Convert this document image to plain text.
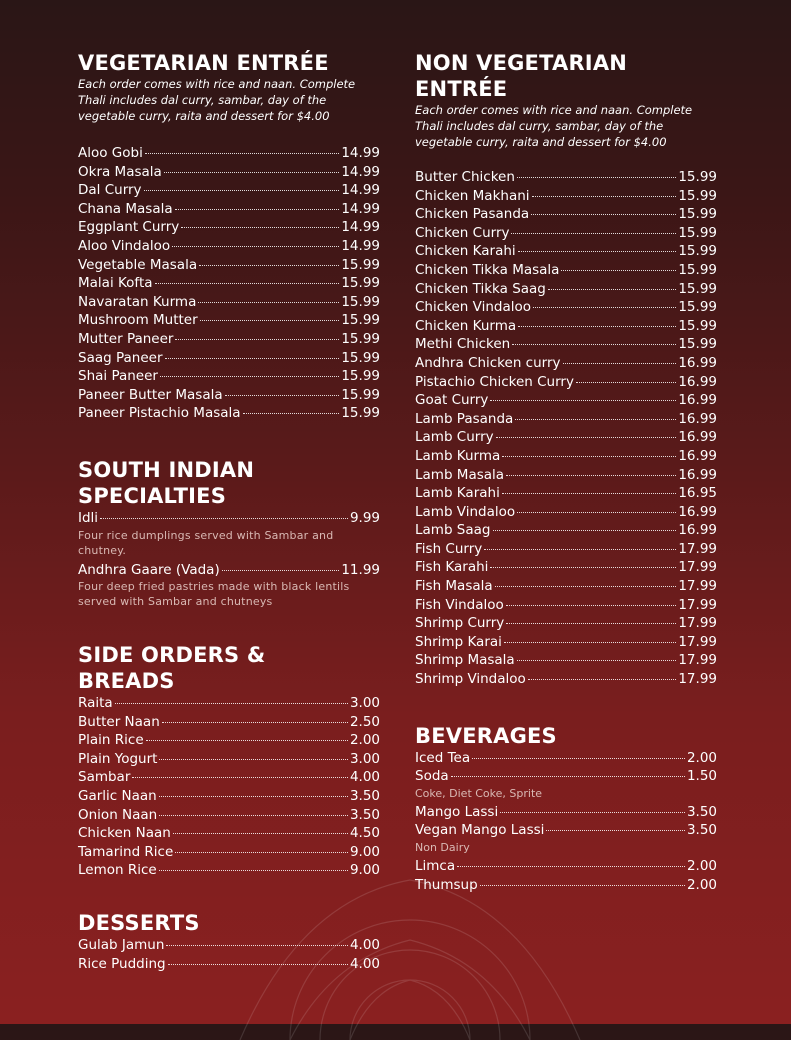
VEGETARIAN ENTRÉE

Each order comes with rice and naan. Complete Thali includes dal curry, sambar, day of the vegetable curry, raita and dessert for $4.00

Aloo Gobi	14.99
Okra Masala	14.99
Dal Curry	14.99
Chana Masala	14.99
Eggplant Curry	14.99
Aloo Vindaloo	14.99
Vegetable Masala	15.99
Malai Kofta	15.99
Navaratan Kurma	15.99
Mushroom Mutter	15.99
Mutter Paneer	15.99
Saag Paneer	15.99
Shai Paneer	15.99
Paneer Butter Masala	15.99
Paneer Pistachio Masala	15.99
SOUTH INDIAN
SPECIALTIES
Idli	9.99
Four rice dumplings served with Sambar and chutney.
Andhra Gaare (Vada)	11.99
Four deep fried pastries made with black lentils served with Sambar and chutneys
SIDE ORDERS &
BREADS
Raita	3.00
Butter Naan	2.50
Plain Rice	2.00
Plain Yogurt	3.00
Sambar	4.00
Garlic Naan	3.50
Onion Naan	3.50
Chicken Naan	4.50
Tamarind Rice	9.00
Lemon Rice	9.00
DESSERTS
Gulab Jamun	4.00
Rice Pudding	4.00
NON VEGETARIAN
ENTRÉE

Each order comes with rice and naan. Complete Thali includes dal curry, sambar, day of the vegetable curry, raita and dessert for $4.00

Butter Chicken	15.99
Chicken Makhani	15.99
Chicken Pasanda	15.99
Chicken Curry	15.99
Chicken Karahi	15.99
Chicken Tikka Masala	15.99
Chicken Tikka Saag	15.99
Chicken Vindaloo	15.99
Chicken Kurma	15.99
Methi Chicken	15.99
Andhra Chicken curry	16.99
Pistachio Chicken Curry	16.99
Goat Curry	16.99
Lamb Pasanda	16.99
Lamb Curry	16.99
Lamb Kurma	16.99
Lamb Masala	16.99
Lamb Karahi	16.95
Lamb Vindaloo	16.99
Lamb Saag	16.99
Fish Curry	17.99
Fish Karahi	17.99
Fish Masala	17.99
Fish Vindaloo	17.99
Shrimp Curry	17.99
Shrimp Karai	17.99
Shrimp Masala	17.99
Shrimp Vindaloo	17.99
BEVERAGES
Iced Tea	2.00
Soda	1.50
Coke, Diet Coke, Sprite
Mango Lassi	3.50
Vegan Mango Lassi	3.50
Non Dairy
Limca	2.00
Thumsup	2.00
